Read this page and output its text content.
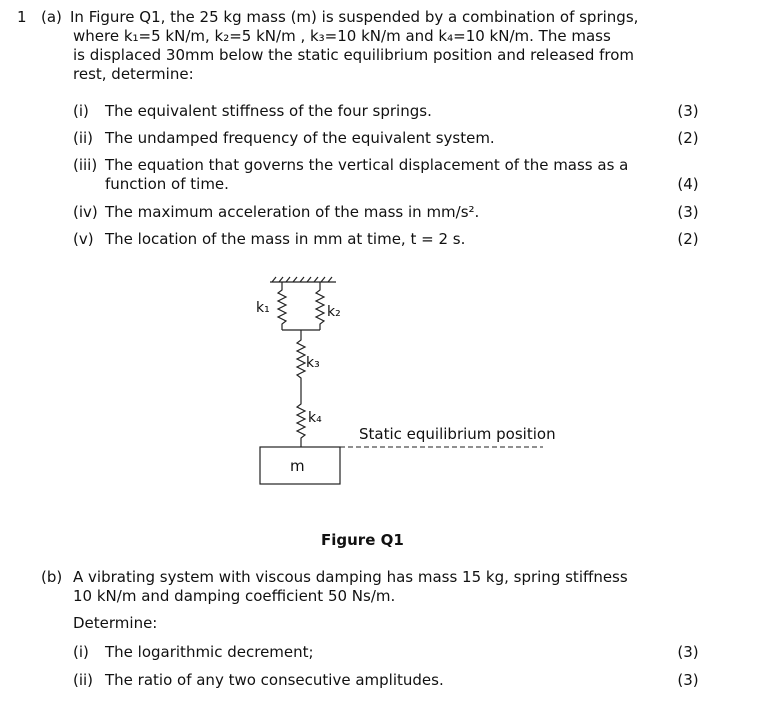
1 (a) In Figure Q1, the 25 kg mass (m) is suspended by a combination of springs,
where k₁=5 kN/m, k₂=5 kN/m , k₃=10 kN/m and k₄=10 kN/m. The mass
is displaced 30mm below the static equilibrium position and released from
rest, determine:
(i) The equivalent stiffness of the four springs.	(3)
(ii) The undamped frequency of the equivalent system.	(2)
(iii) The equation that governs the vertical displacement of the mass as a
function of time.	(4)
(iv) The maximum acceleration of the mass in mm/s².	(3)
(v) The location of the mass in mm at time, t = 2 s.	(2)
k₁	k₂
k₃
k₄
m
Static equilibrium position
Figure Q1
(b) A vibrating system with viscous damping has mass 15 kg, spring stiffness
10 kN/m and damping coefficient 50 Ns/m.
Determine:
(i) The logarithmic decrement;	(3)
(ii) The ratio of any two consecutive amplitudes.	(3)
